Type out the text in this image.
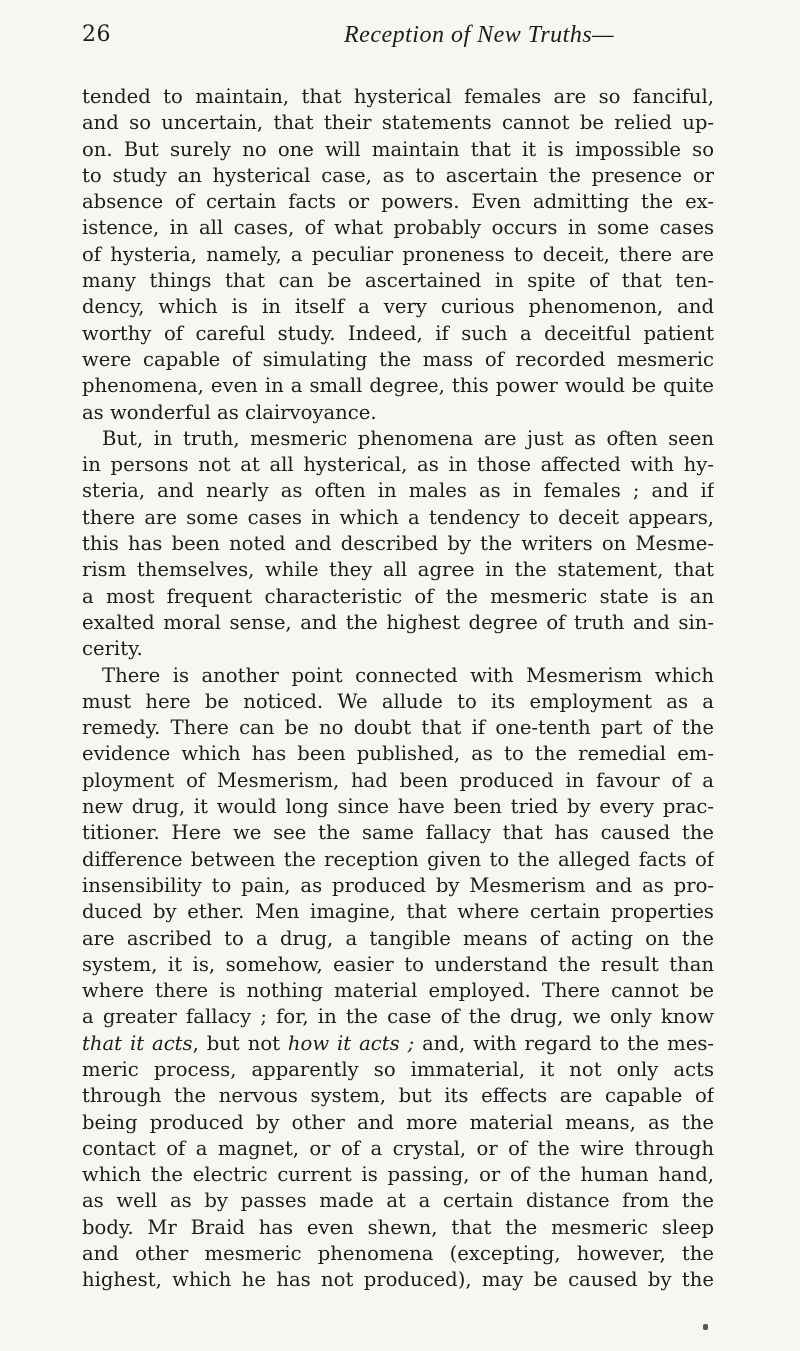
26	Reception of New Truths—
tended to maintain, that hysterical females are so fanciful,
and so uncertain, that their statements cannot be relied up-
on. But surely no one will maintain that it is impossible so
to study an hysterical case, as to ascertain the presence or
absence of certain facts or powers. Even admitting the ex-
istence, in all cases, of what probably occurs in some cases
of hysteria, namely, a peculiar proneness to deceit, there are
many things that can be ascertained in spite of that ten-
dency, which is in itself a very curious phenomenon, and
worthy of careful study. Indeed, if such a deceitful patient
were capable of simulating the mass of recorded mesmeric
phenomena, even in a small degree, this power would be quite
as wonderful as clairvoyance.
But, in truth, mesmeric phenomena are just as often seen
in persons not at all hysterical, as in those affected with hy-
steria, and nearly as often in males as in females ; and if
there are some cases in which a tendency to deceit appears,
this has been noted and described by the writers on Mesme-
rism themselves, while they all agree in the statement, that
a most frequent characteristic of the mesmeric state is an
exalted moral sense, and the highest degree of truth and sin-
cerity.
There is another point connected with Mesmerism which
must here be noticed. We allude to its employment as a
remedy. There can be no doubt that if one-tenth part of the
evidence which has been published, as to the remedial em-
ployment of Mesmerism, had been produced in favour of a
new drug, it would long since have been tried by every prac-
titioner. Here we see the same fallacy that has caused the
difference between the reception given to the alleged facts of
insensibility to pain, as produced by Mesmerism and as pro-
duced by ether. Men imagine, that where certain properties
are ascribed to a drug, a tangible means of acting on the
system, it is, somehow, easier to understand the result than
where there is nothing material employed. There cannot be
a greater fallacy ; for, in the case of the drug, we only know
that it acts, but not how it acts ; and, with regard to the mes-
meric process, apparently so immaterial, it not only acts
through the nervous system, but its effects are capable of
being produced by other and more material means, as the
contact of a magnet, or of a crystal, or of the wire through
which the electric current is passing, or of the human hand,
as well as by passes made at a certain distance from the
body. Mr Braid has even shewn, that the mesmeric sleep
and other mesmeric phenomena (excepting, however, the
highest, which he has not produced), may be caused by the
